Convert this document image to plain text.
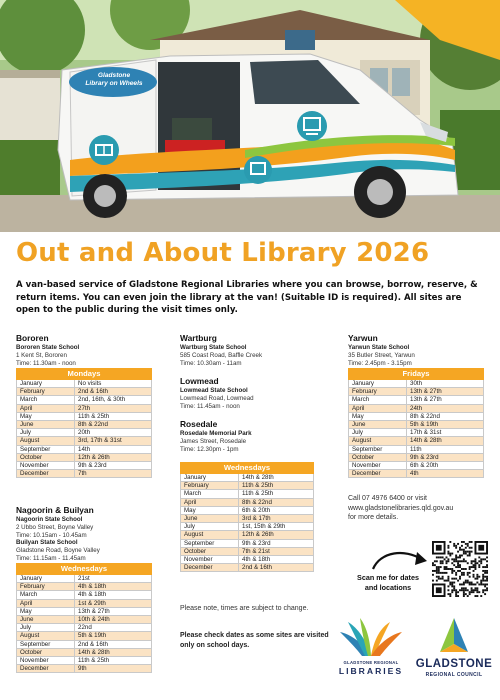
Gladstone
Library on Wheels
Out and About Library 2026
A van-based service of Gladstone Regional Libraries where you can browse, borrow, reserve, & return items. You can even join the library at the van! (Suitable ID is required). All sites are open to the public during the visit times only.
Bororen
Bororen State School
1 Kent St, Bororen
Time: 11.30am - noon
Mondays	
January	No visits
February	2nd & 16th
March	2nd, 16th, & 30th
April	27th
May	11th & 25th
June	8th & 22nd
July	20th
August	3rd, 17th & 31st
September	14th
October	12th & 26th
November	9th & 23rd
December	7th
Wartburg
Wartburg State School
585 Coast Road, Baffle Creek
Time: 10.30am - 11am
Lowmead
Lowmead State School
Lowmead Road, Lowmead
Time: 11.45am - noon
Rosedale
Rosedale Memorial Park
James Street, Rosedale
Time: 12.30pm - 1pm
Wednesdays	
January	14th & 28th
February	11th & 25th
March	11th & 25th
April	8th & 22nd
May	6th & 20th
June	3rd & 17th
July	1st, 15th & 29th
August	12th & 26th
September	9th & 23rd
October	7th & 21st
November	4th & 18th
December	2nd & 16th
Yarwun
Yarwun State School
35 Butler Street, Yarwun
Time: 2.45pm - 3.15pm
Fridays	
January	30th
February	13th & 27th
March	13th & 27th
April	24th
May	8th & 22nd
June	5th & 19th
July	17th & 31st
August	14th & 28th
September	11th
October	9th & 23rd
November	6th & 20th
December	4th
Nagoorin & Builyan
Nagoorin State School
2 Ubbo Street, Boyne Valley
Time: 10.15am - 10.45am
Builyan State School
Gladstone Road, Boyne Valley
Time: 11.15am - 11.45am
Wednesdays	
January	21st
February	4th & 18th
March	4th & 18th
April	1st & 29th
May	13th & 27th
June	10th & 24th
July	22nd
August	5th & 19th
September	2nd & 16th
October	14th & 28th
November	11th & 25th
December	9th
Call 07 4976 6400 or visit
www.gladstonelibraries.qld.gov.au
for more details.
Scan me for dates
and locations
Please note, times are subject to change.
Please check dates as some sites are visited only on school days.
GLADSTONE REGIONAL
LIBRARIES
GLADSTONE
REGIONAL COUNCIL
